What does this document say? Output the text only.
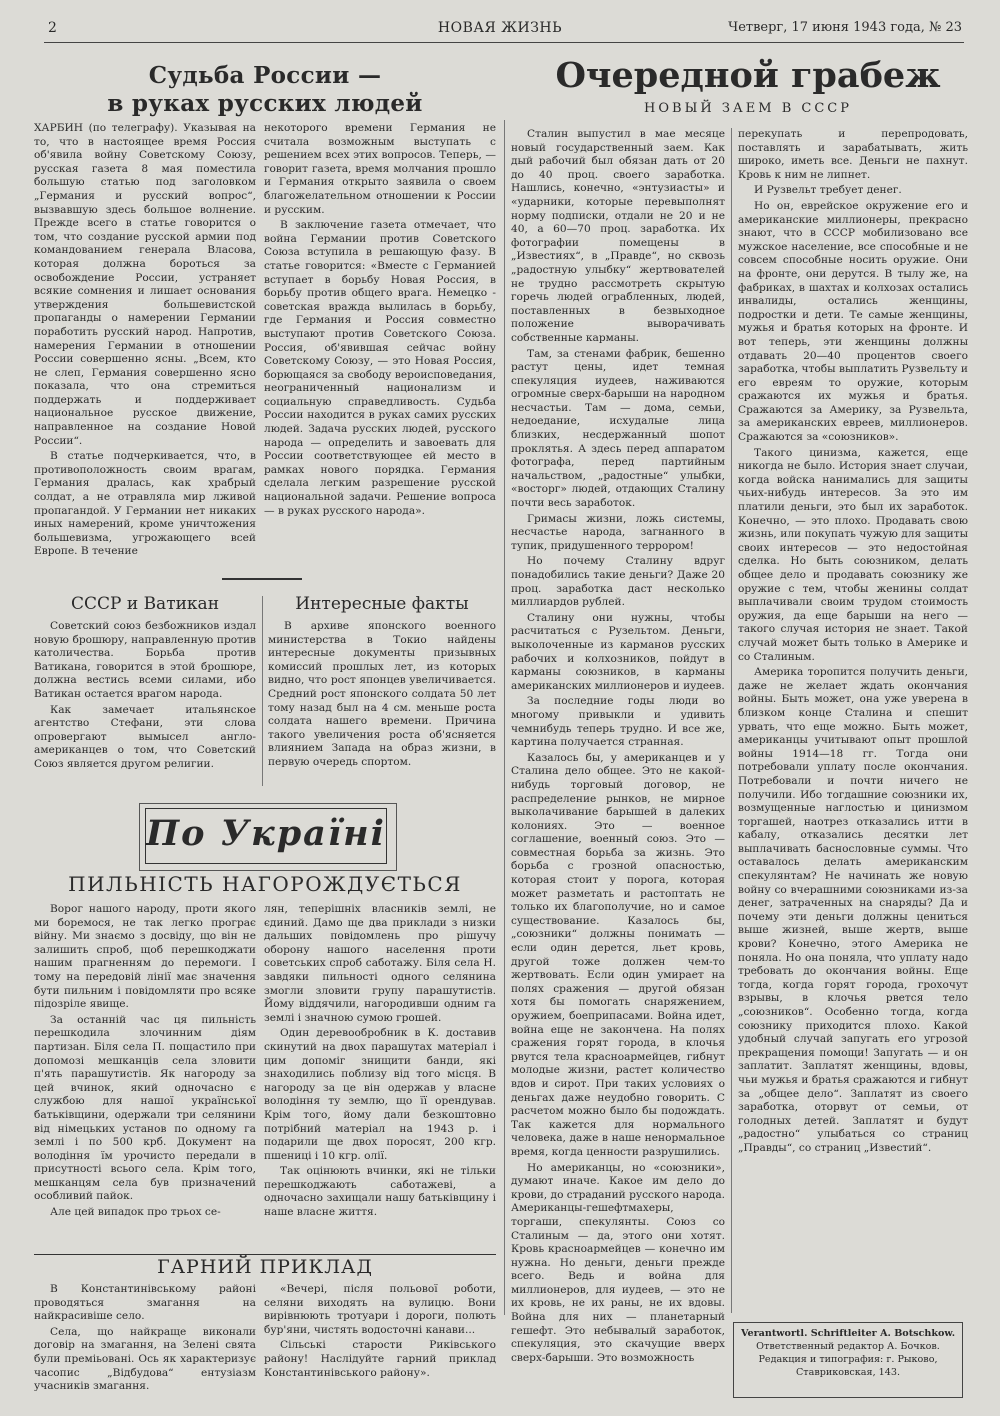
2	НОВАЯ ЖИЗНЬ	Четверг, 17 июня 1943 года, № 23
Судьба России —
в руках русских людей

ХАРБИН (по телеграфу). Указывая на то, что в настоящее время Россия об'явила войну Советскому Союзу, русская газета 8 мая поместила большую статью под заголовком „Германия и русский вопрос“, вызвавшую здесь большое волнение. Прежде всего в статье говорится о том, что создание русской армии под командованием генерала Власова, которая должна бороться за освобождение России, устраняет всякие сомнения и лишает основания утверждения большевистской пропаганды о намерении Германии поработить русский народ. Напротив, намерения Германии в отношении России совершенно ясны. „Всем, кто не слеп, Германия совершенно ясно показала, что она стремиться поддержать и поддерживает национальное русское движение, направленное на создание Новой России“.

В статье подчеркивается, что, в противоположность своим врагам, Германия дралась, как храбрый солдат, а не отравляла мир лживой пропагандой. У Германии нет никаких иных намерений, кроме уничтожения большевизма, угрожающего всей Европе. В течение

некоторого времени Германия не считала возможным выступать с решением всех этих вопросов. Теперь, — говорит газета, время молчания прошло и Германия открыто заявила о своем благожелательном отношении к России и русским.

В заключение газета отмечает, что война Германии против Советского Союза вступила в решающую фазу. В статье говорится: «Вместе с Германией вступает в борьбу Новая Россия, в борьбу против общего врага. Немецко - советская вражда вылилась в борьбу, где Германия и Россия совместно выступают против Советского Союза. Россия, об'явившая сейчас войну Советскому Союзу, — это Новая Россия, борющаяся за свободу вероисповедания, неограниченный национализм и социальную справедливость. Судьба России находится в руках самих русских людей. Задача русских людей, русского народа — определить и завоевать для России соответствующее ей место в рамках нового порядка. Германия сделала легким разрешение русской национальной задачи. Решение вопроса — в руках русского народа».

Очередной грабеж
НОВЫЙ ЗАЕМ В СССР

Сталин выпустил в мае месяце новый государственный заем. Как дый рабочий был обязан дать от 20 до 40 проц. своего заработка. Нашлись, конечно, «энтузиасты» и «ударники, которые перевыполнят норму подписки, отдали не 20 и не 40, а 60—70 проц. заработка. Их фотографии помещены в „Известиях“, в „Правде“, но сквозь „радостную улыбку“ жертвователей не трудно рассмотреть скрытую горечь людей ограбленных, людей, поставленных в безвыходное положение выворачивать собственные карманы.

Там, за стенами фабрик, бешенно растут цены, идет темная спекуляция иудеев, наживаются огромные сверх-барыши на народном несчастьи. Там — дома, семьи, недоедание, исхудалые лица близких, несдержанный шопот проклятья. А здесь перед аппаратом фотографа, перед партийным начальством, „радостные“ улыбки, «восторг» людей, отдающих Сталину почти весь заработок.

Гримасы жизни, ложь системы, несчастье народа, загнанного в тупик, придушенного террором!

Но почему Сталину вдруг понадобились такие деньги? Даже 20 проц. заработка даст несколько миллиардов рублей.

Сталину они нужны, чтобы расчитаться с Рузельтом. Деньги, выколоченные из карманов русских рабочих и колхозников, пойдут в карманы союзников, в карманы американских миллионеров и иудеев.

За последние годы люди во многому привыкли и удивить чемнибудь теперь трудно. И все же, картина получается странная.

Казалось бы, у американцев и у Сталина дело общее. Это не какой-нибудь торговый договор, не распределение рынков, не мирное выколачивание барышей в далеких колониях. Это — военное соглашение, военный союз. Это — совместная борьба за жизнь. Это борьба с грозной опасностью, которая стоит у порога, которая может разметать и растоптать не только их благополучие, но и самое существование. Казалось бы, „союзники“ должны понимать — если один дерется, льет кровь, другой тоже должен чем-то жертвовать. Если один умирает на полях сражения — другой обязан хотя бы помогать снаряжением, оружием, боеприпасами. Война идет, война еще не закончена. На полях сражения горят города, в клочья рвутся тела красноармейцев, гибнут молодые жизни, растет количество вдов и сирот. При таких условиях о деньгах даже неудобно говорить. С расчетом можно было бы подождать. Так кажется для нормального человека, даже в наше ненормальное время, когда ценности разрушились.

Но американцы, но «союзники», думают иначе. Какое им дело до крови, до страданий русского народа. Американцы-гешефтмахеры, торгаши, спекулянты. Союз со Сталиным — да, этого они хотят. Кровь красноармейцев — конечно им нужна. Но деньги, деньги прежде всего. Ведь и война для миллионеров, для иудеев, — это не их кровь, не их раны, не их вдовы. Война для них — планетарный гешефт. Это небывалый заработок, спекуляция, это скачущие вверх сверх-барыши. Это возможность

перекупать и перепродовать, поставлять и зарабатывать, жить широко, иметь все. Деньги не пахнут. Кровь к ним не липнет.

И Рузвельт требует денег.

Но он, еврейское окружение его и американские миллионеры, прекрасно знают, что в СССР мобилизовано все мужское население, все способные и не совсем способные носить оружие. Они на фронте, они дерутся. В тылу же, на фабриках, в шахтах и колхозах остались инвалиды, остались женщины, подростки и дети. Те самые женщины, мужья и братья которых на фронте. И вот теперь, эти женщины должны отдавать 20—40 процентов своего заработка, чтобы выплатить Рузвельту и его евреям то оружие, которым сражаются их мужья и братья. Сражаются за Америку, за Рузвельта, за американских евреев, миллионеров. Сражаются за «союзников».

Такого цинизма, кажется, еще никогда не было. История знает случаи, когда войска нанимались для защиты чьих-нибудь интересов. За это им платили деньги, это был их заработок. Конечно, — это плохо. Продавать свою жизнь, или покупать чужую для защиты своих интересов — это недостойная сделка. Но быть союзником, делать общее дело и продавать союзнику же оружие с тем, чтобы женины солдат выплачивали своим трудом стоимость оружия, да еще барыши на него — такого случая история не знает. Такой случай может быть только в Америке и со Сталиным.

Америка торопится получить деньги, даже не желает ждать окончания войны. Быть может, она уже уверена в близком конце Сталина и спешит урвать, что еще можно. Быть может, американцы учитывают опыт прошлой войны 1914—18 гг. Тогда они потребовали уплату после окончания. Потребовали и почти ничего не получили. Ибо тогдашние союзники их, возмущенные наглостью и цинизмом торгашей, наотрез отказались итти в кабалу, отказались десятки лет выплачивать баснословные суммы. Что оставалось делать американским спекулянтам? Не начинать же новую войну со вчерашними союзниками из-за денег, затраченных на снаряды? Да и почему эти деньги должны цениться выше жизней, выше жертв, выше крови? Конечно, этого Америка не поняла. Но она поняла, что уплату надо требовать до окончания войны. Еще тогда, когда горят города, грохочут взрывы, в клочья рвется тело „союзников“. Особенно тогда, когда союзнику приходится плохо. Какой удобный случай запугать его угрозой прекращения помощи! Запугать — и он заплатит. Заплатят женщины, вдовы, чьи мужья и братья сражаются и гибнут за „общее дело“. Заплатят из своего заработка, оторвут от семьи, от голодных детей. Заплатят и будут „радостно“ улыбаться со страниц „Правды“, со страниц „Известий“.

СССР и Ватикан

Советский союз безбожников издал новую брошюру, направленную против католичества. Борьба против Ватикана, говорится в этой брошюре, должна вестись всеми силами, ибо Ватикан остается врагом народа.

Как замечает итальянское агентство Стефани, эти слова опровергают вымысел англо-американцев о том, что Советский Союз является другом религии.

Интересные факты

В архиве японского военного министерства в Токио найдены интересные документы призывных комиссий прошлых лет, из которых видно, что рост японцев увеличивается. Средний рост японского солдата 50 лет тому назад был на 4 см. меньше роста солдата нашего времени. Причина такого увеличения роста об'ясняется влиянием Запада на образ жизни, в первую очередь спортом.

По Україні
ПИЛЬНІСТЬ НАГОРОЖДУЄТЬСЯ

Ворог нашого народу, проти якого ми боремося, не так легко програє війну. Ми знаємо з досвіду, що він не залишить спроб, щоб перешкоджати нашим прагненням до перемоги. І тому на передовій лінії має значення бути пильним і повідомляти про всяке підозріле явище.

За останній час ця пильність перешкодила злочинним діям партизан. Біля села П. пощастило при допомозі мешканців села зловити п'ять парашутистів. Як нагороду за цей вчинок, який одночасно є службою для нашої української батьківщини, одержали три селянини від німецьких установ по одному га землі і по 500 крб. Документ на володіння їм урочисто передали в присутності всього села. Крім того, мешканцям села був призначений особливий пайок.

Але цей випадок про трьох се-

лян, теперішніх власників землі, не єдиний. Дамо ще два приклади з низки дальших повідомлень про рішучу оборону нашого населення проти советських спроб саботажу. Біля села Н. завдяки пильності одного селянина змогли зловити групу парашутистів. Йому віддячили, нагородивши одним га землі і значною сумою грошей.

Один деревообробник в К. доставив скинутий на двох парашутах матеріал і цим допоміг знищити банди, які знаходились поблизу від того місця. В нагороду за це він одержав у власне володіння ту землю, що її орендував. Крім того, йому дали безкоштовно потрібний матеріал на 1943 р. і подарили ще двох поросят, 200 кгр. пшениці і 10 кгр. олії.

Так оцінюють вчинки, які не тільки перешкоджають саботажеві, а одночасно захищали нашу батьківщину і наше власне життя.

ГАРНИЙ ПРИКЛАД

В Константинівському районі проводяться змагання на найкрасивіше село.

Села, що найкраще виконали договір на змагання, на Зелені свята були преміьовані. Ось як характеризує часопис „Відбудова“ ентузіазм учасників змагання.

«Вечері, після польової роботи, селяни виходять на вулицю. Вони вирівнюють тротуари і дороги, полють бур'яни, чистять водосточні канави...

Сільські старости Риківського району! Наслідуйте гарний приклад Константинівського району».

Verantwortl. Schriftleiter A. Botschkow.
Ответственный редактор А. Бочков.
Редакция и типография: г. Рыково,
Ставриковская, 143.
